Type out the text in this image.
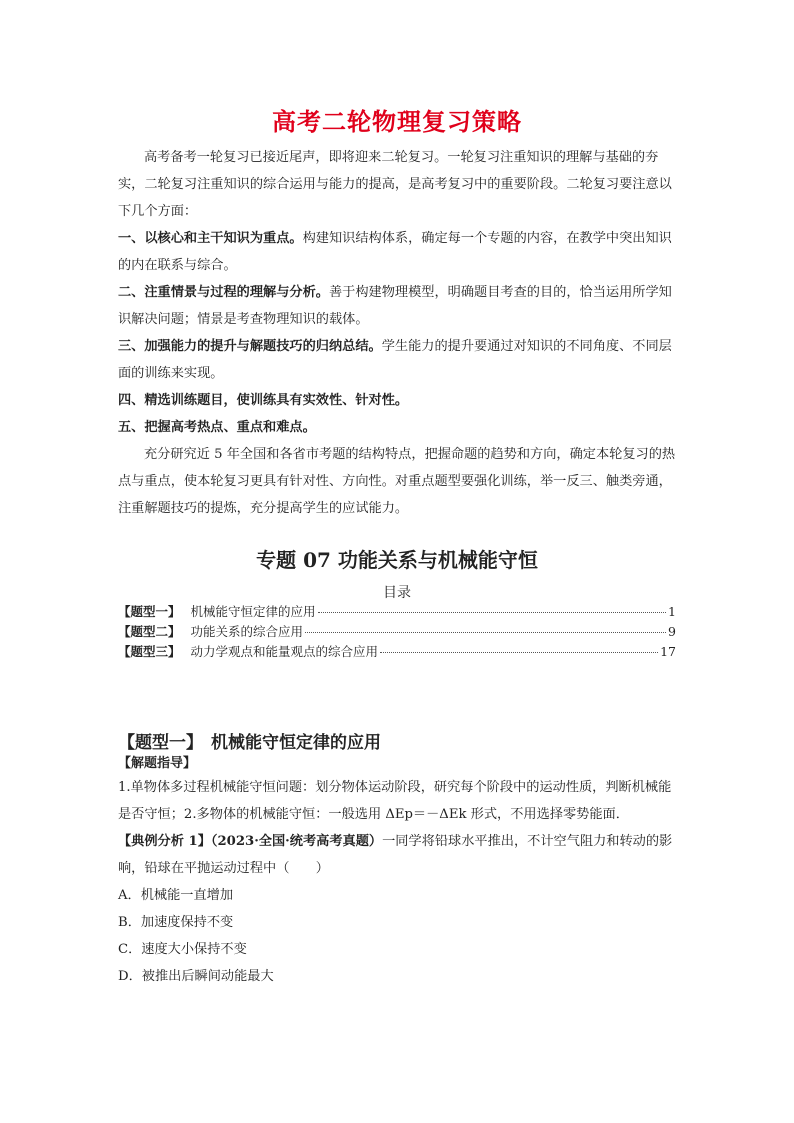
高考二轮物理复习策略

高考备考一轮复习已接近尾声，即将迎来二轮复习。一轮复习注重知识的理解与基础的夯实，二轮复习注重知识的综合运用与能力的提高，是高考复习中的重要阶段。二轮复习要注意以下几个方面：

一、以核心和主干知识为重点。构建知识结构体系，确定每一个专题的内容，在教学中突出知识的内在联系与综合。

二、注重情景与过程的理解与分析。善于构建物理模型，明确题目考查的目的，恰当运用所学知识解决问题；情景是考查物理知识的载体。

三、加强能力的提升与解题技巧的归纳总结。学生能力的提升要通过对知识的不同角度、不同层面的训练来实现。

四、精选训练题目，使训练具有实效性、针对性。

五、把握高考热点、重点和难点。

充分研究近 5 年全国和各省市考题的结构特点，把握命题的趋势和方向，确定本轮复习的热点与重点，使本轮复习更具有针对性、方向性。对重点题型要强化训练，举一反三、触类旁通，注重解题技巧的提炼，充分提高学生的应试能力。

专题 07 功能关系与机械能守恒
目录
【题型一】 机械能守恒定律的应用	1
【题型二】 功能关系的综合应用	9
【题型三】 动力学观点和能量观点的综合应用	17
【题型一】 机械能守恒定律的应用
【解题指导】

1.单物体多过程机械能守恒问题：划分物体运动阶段，研究每个阶段中的运动性质，判断机械能是否守恒；2.多物体的机械能守恒：一般选用 ΔEp＝－ΔEk 形式，不用选择零势能面．

【典例分析 1】（2023·全国·统考高考真题）一同学将铅球水平推出，不计空气阻力和转动的影响，铅球在平抛运动过程中（　　）

A．机械能一直增加

B．加速度保持不变

C．速度大小保持不变

D．被推出后瞬间动能最大
